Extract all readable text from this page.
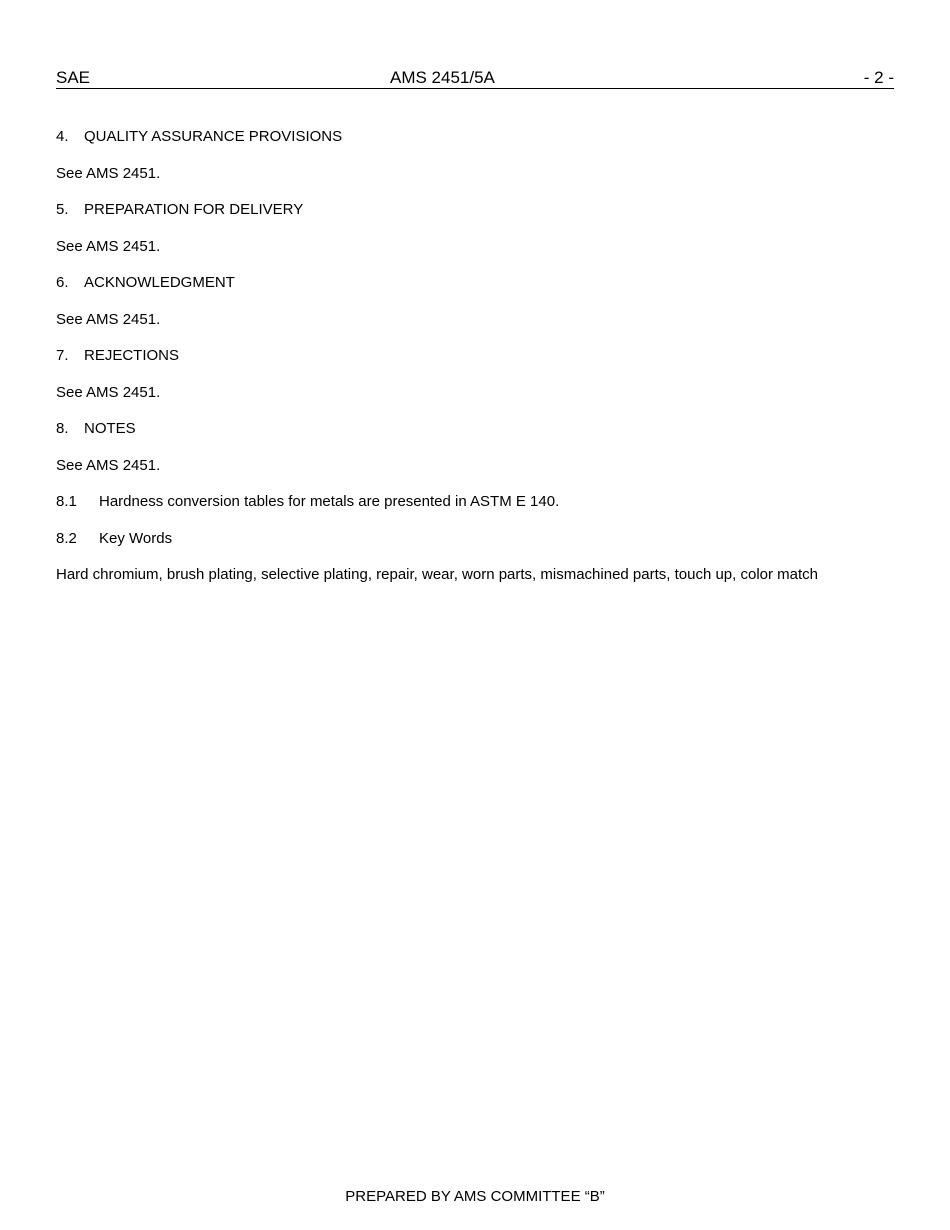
SAE	AMS 2451/5A	- 2 -
4. QUALITY ASSURANCE PROVISIONS
See AMS 2451.
5. PREPARATION FOR DELIVERY
See AMS 2451.
6. ACKNOWLEDGMENT
See AMS 2451.
7. REJECTIONS
See AMS 2451.
8. NOTES
See AMS 2451.
8.1 Hardness conversion tables for metals are presented in ASTM E 140.
8.2 Key Words
Hard chromium, brush plating, selective plating, repair, wear, worn parts, mismachined parts, touch up, color match
PREPARED BY AMS COMMITTEE “B”
